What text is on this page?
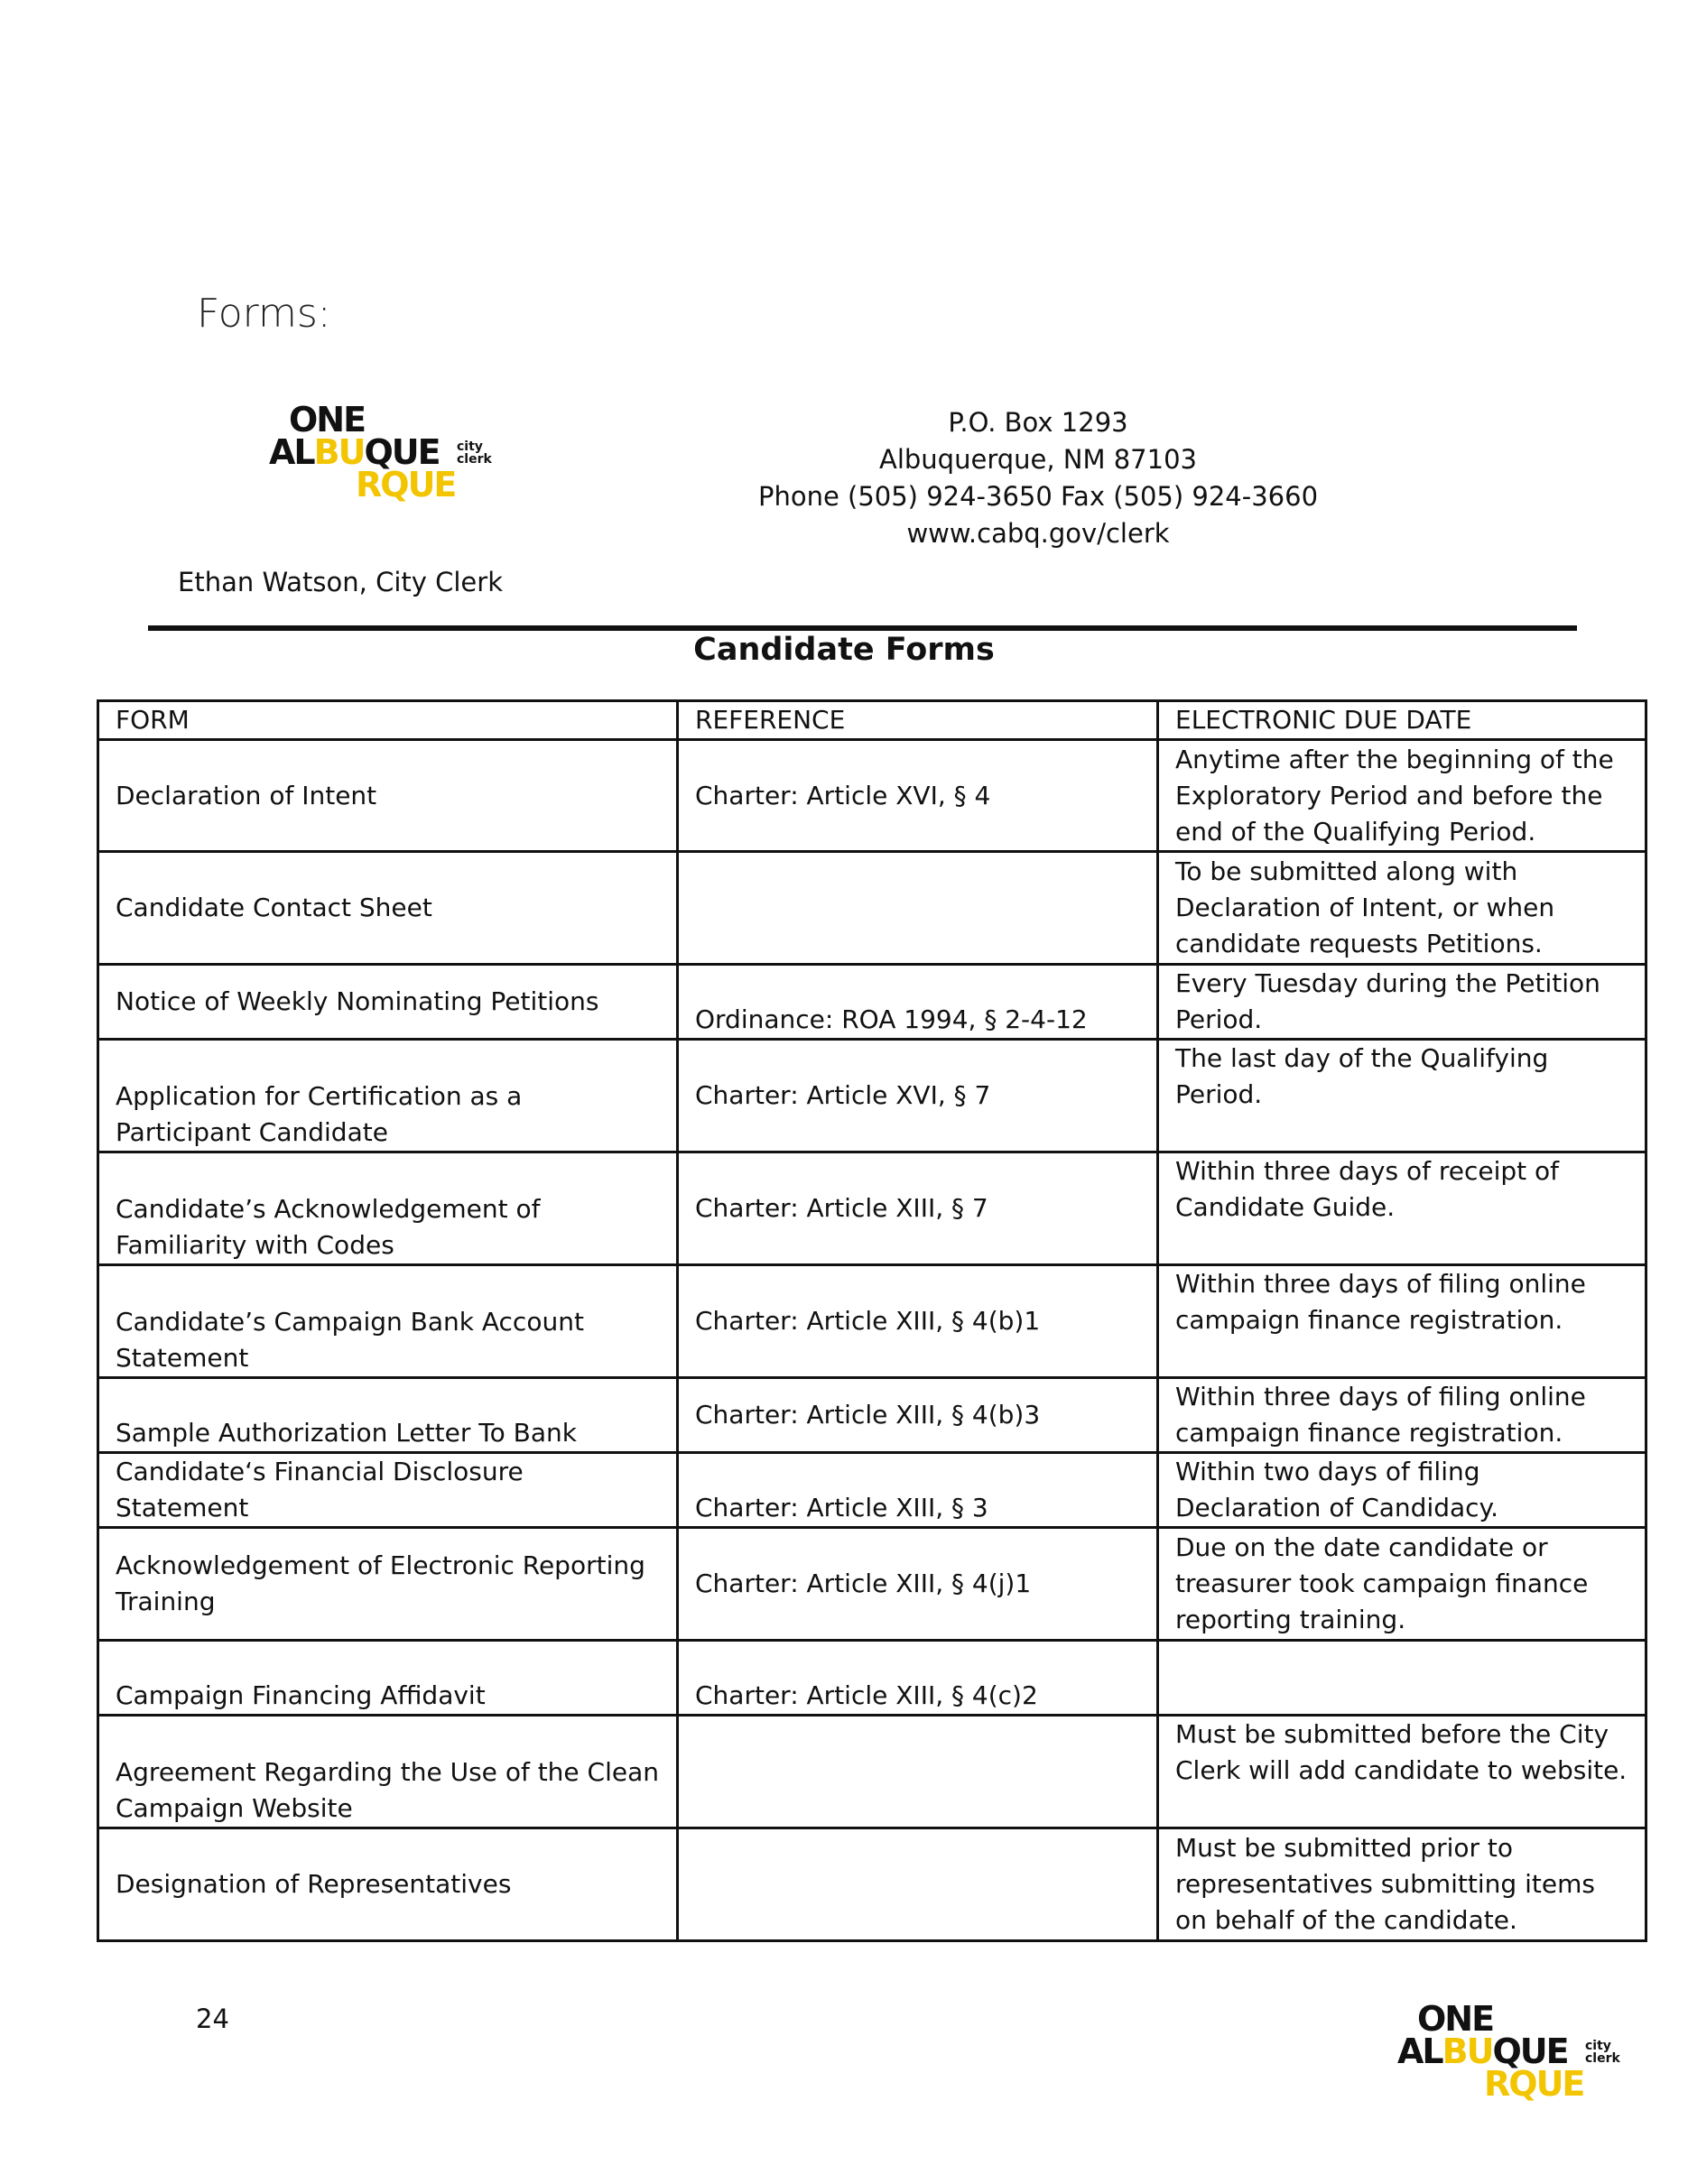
Forms:
ONE
ALBUQUE
RQUE
city
clerk
P.O. Box 1293
Albuquerque, NM 87103
Phone (505) 924-3650 Fax (505) 924-3660
www.cabq.gov/clerk
Ethan Watson, City Clerk
Candidate Forms
FORM	REFERENCE	ELECTRONIC DUE DATE
Declaration of Intent	Charter: Article XVI, § 4	Anytime after the beginning of the Exploratory Period and before the end of the Qualifying Period.
Candidate Contact Sheet		To be submitted along with Declaration of Intent, or when candidate requests Petitions.
Notice of Weekly Nominating Petitions	Ordinance: ROA 1994, § 2-4-12	Every Tuesday during the Petition Period.
Application for Certification as a Participant Candidate	Charter: Article XVI, § 7	The last day of the Qualifying Period.
Candidate’s Acknowledgement of Familiarity with Codes	Charter: Article XIII, § 7	Within three days of receipt of Candidate Guide.
Candidate’s Campaign Bank Account Statement	Charter: Article XIII, § 4(b)1	Within three days of filing online campaign finance registration.
Sample Authorization Letter To Bank	Charter: Article XIII, § 4(b)3	Within three days of filing online campaign finance registration.
Candidate‘s Financial Disclosure Statement	Charter: Article XIII, § 3	Within two days of filing Declaration of Candidacy.
Acknowledgement of Electronic Reporting Training	Charter: Article XIII, § 4(j)1	Due on the date candidate or treasurer took campaign finance reporting training.
Campaign Financing Affidavit	Charter: Article XIII, § 4(c)2	
Agreement Regarding the Use of the Clean Campaign Website		Must be submitted before the City Clerk will add candidate to website.
Designation of Representatives		Must be submitted prior to representatives submitting items on behalf of the candidate.
24	ONE
ALBUQUE
RQUE
city
clerk
